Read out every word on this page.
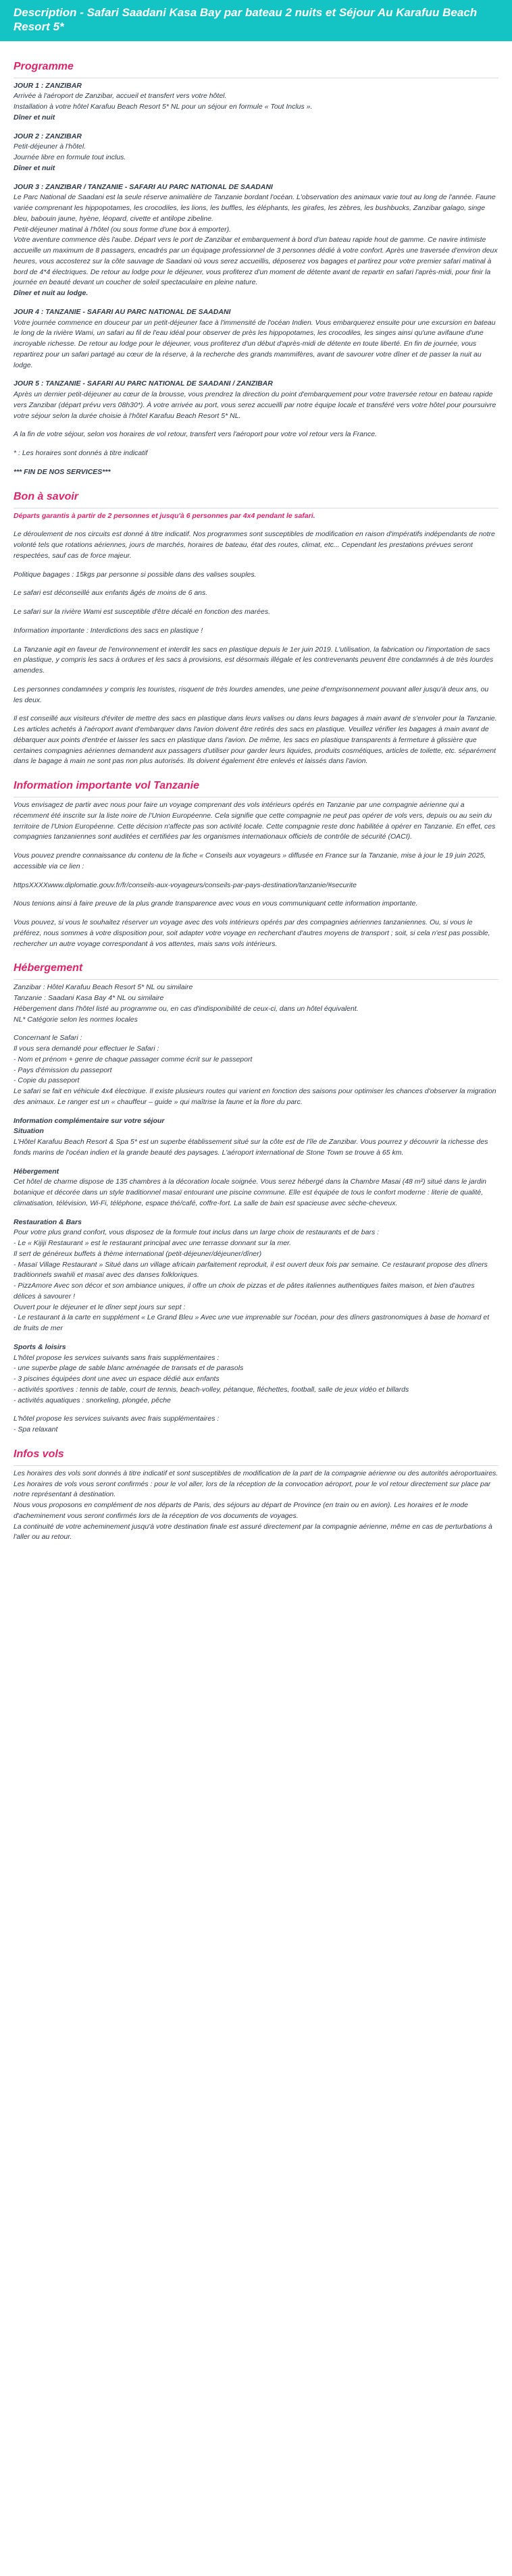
Description - Safari Saadani Kasa Bay par bateau 2 nuits et Séjour Au Karafuu Beach Resort 5*
Programme
JOUR 1 : ZANZIBAR
Arrivée à l'aéroport de Zanzibar, accueil et transfert vers votre hôtel.
Installation à votre hôtel Karafuu Beach Resort 5* NL pour un séjour en formule « Tout Inclus ».
Dîner et nuit
JOUR 2 : ZANZIBAR
Petit-déjeuner à l'hôtel.
Journée libre en formule tout inclus.
Dîner et nuit
JOUR 3 : ZANZIBAR / TANZANIE - SAFARI AU PARC NATIONAL DE SAADANI
Le Parc National de Saadani est la seule réserve animalière de Tanzanie bordant l'océan. L'observation des animaux varie tout au long de l'année. Faune variée comprenant les hippopotames, les crocodiles, les lions, les buffles, les éléphants, les girafes, les zèbres, les bushbucks, Zanzibar galago, singe bleu, babouin jaune, hyène, léopard, civette et antilope zibeline.
Petit-déjeuner matinal à l'hôtel (ou sous forme d'une box à emporter).
Votre aventure commence dès l'aube. Départ vers le port de Zanzibar et embarquement à bord d'un bateau rapide hout de gamme. Ce navire intimiste accueille un maximum de 8 passagers, encadrés par un équipage professionnel de 3 personnes dédié à votre confort. Après une traversée d'environ deux heures, vous accosterez sur la côte sauvage de Saadani où vous serez accueillis, déposerez vos bagages et partirez pour votre premier safari matinal à bord de 4*4 électriques. De retour au lodge pour le déjeuner, vous profiterez d'un moment de détente avant de repartir en safari l'après-midi, pour finir la journée en beauté devant un coucher de soleil spectaculaire en pleine nature.
Dîner et nuit au lodge.
JOUR 4 : TANZANIE - SAFARI AU PARC NATIONAL DE SAADANI
Votre journée commence en douceur par un petit-déjeuner face à l'immensité de l'océan Indien. Vous embarquerez ensuite pour une excursion en bateau le long de la rivière Wami, un safari au fil de l'eau idéal pour observer de près les hippopotames, les crocodiles, les singes ainsi qu'une avifaune d'une incroyable richesse. De retour au lodge pour le déjeuner, vous profiterez d'un début d'après-midi de détente en toute liberté. En fin de journée, vous repartirez pour un safari partagé au cœur de la réserve, à la recherche des grands mammifères, avant de savourer votre dîner et de passer la nuit au lodge.
JOUR 5 : TANZANIE - SAFARI AU PARC NATIONAL DE SAADANI / ZANZIBAR
Après un dernier petit-déjeuner au cœur de la brousse, vous prendrez la direction du point d'embarquement pour votre traversée retour en bateau rapide vers Zanzibar (départ prévu vers 08h30*). À votre arrivée au port, vous serez accueilli par notre équipe locale et transféré vers votre hôtel pour poursuivre votre séjour selon la durée choisie à l'hôtel Karafuu Beach Resort 5* NL.

A la fin de votre séjour, selon vos horaires de vol retour, transfert vers l'aéroport pour votre vol retour vers la France.

* : Les horaires sont donnés à titre indicatif

*** FIN DE NOS SERVICES***

Bon à savoir

Départs garantis à partir de 2 personnes et jusqu'à 6 personnes par 4x4 pendant le safari.

Le déroulement de nos circuits est donné à titre indicatif. Nos programmes sont susceptibles de modification en raison d'impératifs indépendants de notre volonté tels que rotations aériennes, jours de marchés, horaires de bateau, état des routes, climat, etc... Cependant les prestations prévues seront respectées, sauf cas de force majeur.

Politique bagages : 15kgs par personne si possible dans des valises souples.

Le safari est déconseillé aux enfants âgés de moins de 6 ans.

Le safari sur la rivière Wami est susceptible d'être décalé en fonction des marées.

Information importante : Interdictions des sacs en plastique !

La Tanzanie agit en faveur de l'environnement et interdit les sacs en plastique depuis le 1er juin 2019. L'utilisation, la fabrication ou l'importation de sacs en plastique, y compris les sacs à ordures et les sacs à provisions, est désormais illégale et les contrevenants peuvent être condamnés à de très lourdes amendes.

Les personnes condamnées y compris les touristes, risquent de très lourdes amendes, une peine d'emprisonnement pouvant aller jusqu'à deux ans, ou les deux.

Il est conseillé aux visiteurs d'éviter de mettre des sacs en plastique dans leurs valises ou dans leurs bagages à main avant de s'envoler pour la Tanzanie. Les articles achetés à l'aéroport avant d'embarquer dans l'avion doivent être retirés des sacs en plastique. Veuillez vérifier les bagages à main avant de débarquer aux points d'entrée et laisser les sacs en plastique dans l'avion. De même, les sacs en plastique transparents à fermeture à glissière que certaines compagnies aériennes demandent aux passagers d'utiliser pour garder leurs liquides, produits cosmétiques, articles de toilette, etc. séparément dans le bagage à main ne sont pas non plus autorisés. Ils doivent également être enlevés et laissés dans l'avion.

Information importante vol Tanzanie

Vous envisagez de partir avec nous pour faire un voyage comprenant des vols intérieurs opérés en Tanzanie par une compagnie aérienne qui a récemment été inscrite sur la liste noire de l'Union Européenne. Cela signifie que cette compagnie ne peut pas opérer de vols vers, depuis ou au sein du territoire de l'Union Européenne. Cette décision n'affecte pas son activité locale. Cette compagnie reste donc habilitée à opérer en Tanzanie. En effet, ces compagnies tanzaniennes sont auditées et certifiées par les organismes internationaux officiels de contrôle de sécurité (OACI).

Vous pouvez prendre connaissance du contenu de la fiche « Conseils aux voyageurs » diffusée en France sur la Tanzanie, mise à jour le 19 juin 2025, accessible via ce lien :

httpsXXXXwww.diplomatie.gouv.fr/fr/conseils-aux-voyageurs/conseils-par-pays-destination/tanzanie/#securite

Nous tenions ainsi à faire preuve de la plus grande transparence avec vous en vous communiquant cette information importante.

Vous pouvez, si vous le souhaitez réserver un voyage avec des vols intérieurs opérés par des compagnies aériennes tanzaniennes. Ou, si vous le préférez, nous sommes à votre disposition pour, soit adapter votre voyage en recherchant d'autres moyens de transport ; soit, si cela n'est pas possible, rechercher un autre voyage correspondant à vos attentes, mais sans vols intérieurs.

Hébergement
Zanzibar : Hôtel Karafuu Beach Resort 5* NL ou similaire
Tanzanie : Saadani Kasa Bay 4* NL ou similaire
Hébergement dans l'hôtel listé au programme ou, en cas d'indisponibilité de ceux-ci, dans un hôtel équivalent.
NL* Catégorie selon les normes locales
Concernant le Safari :
Il vous sera demandé pour effectuer le Safari :
- Nom et prénom + genre de chaque passager comme écrit sur le passeport
- Pays d'émission du passeport
- Copie du passeport
Le safari se fait en véhicule 4x4 électrique. Il existe plusieurs routes qui varient en fonction des saisons pour optimiser les chances d'observer la migration des animaux. Le ranger est un « chauffeur – guide » qui maîtrise la faune et la flore du parc.
Information complémentaire sur votre séjour
Situation
L'Hôtel Karafuu Beach Resort & Spa 5* est un superbe établissement situé sur la côte est de l'île de Zanzibar. Vous pourrez y découvrir la richesse des fonds marins de l'océan indien et la grande beauté des paysages. L'aéroport international de Stone Town se trouve à 65 km.
Hébergement
Cet hôtel de charme dispose de 135 chambres à la décoration locale soignée. Vous serez hébergé dans la Chambre Masai (48 m²) situé dans le jardin botanique et décorée dans un style traditionnel masaï entourant une piscine commune. Elle est équipée de tous le confort moderne : literie de qualité, climatisation, télévision, Wi-Fi, téléphone, espace thé/café, coffre-fort. La salle de bain est spacieuse avec sèche-cheveux.
Restauration & Bars
Pour votre plus grand confort, vous disposez de la formule tout inclus dans un large choix de restaurants et de bars :
- Le « Kijiji Restaurant » est le restaurant principal avec une terrasse donnant sur la mer.
Il sert de généreux buffets à thème international (petit-déjeuner/déjeuner/dîner)
- Masaï Village Restaurant » Situé dans un village africain parfaitement reproduit, il est ouvert deux fois par semaine. Ce restaurant propose des dîners traditionnels swahili et masaï avec des danses folkloriques.
- PizzAmore Avec son décor et son ambiance uniques, il offre un choix de pizzas et de pâtes italiennes authentiques faites maison, et bien d'autres délices à savourer !
Ouvert pour le déjeuner et le dîner sept jours sur sept :
- Le restaurant à la carte en supplément « Le Grand Bleu » Avec une vue imprenable sur l'océan, pour des dîners gastronomiques à base de homard et de fruits de mer
Sports & loisirs
L'hôtel propose les services suivants sans frais supplémentaires :
- une superbe plage de sable blanc aménagée de transats et de parasols
- 3 piscines équipées dont une avec un espace dédié aux enfants
- activités sportives : tennis de table, court de tennis, beach-volley, pétanque, fléchettes, football, salle de jeux vidéo et billards
- activités aquatiques : snorkeling, plongée, pêche
L'hôtel propose les services suivants avec frais supplémentaires :
- Spa relaxant
Infos vols
Les horaires des vols sont donnés à titre indicatif et sont susceptibles de modification de la part de la compagnie aérienne ou des autorités aéroportuaires.
Les horaires de vols vous seront confirmés : pour le vol aller, lors de la réception de la convocation aéroport, pour le vol retour directement sur place par notre représentant à destination.
Nous vous proposons en complément de nos départs de Paris, des séjours au départ de Province (en train ou en avion). Les horaires et le mode d'acheminement vous seront confirmés lors de la réception de vos documents de voyages.
La continuité de votre acheminement jusqu'à votre destination finale est assuré directement par la compagnie aérienne, même en cas de perturbations à l'aller ou au retour.
